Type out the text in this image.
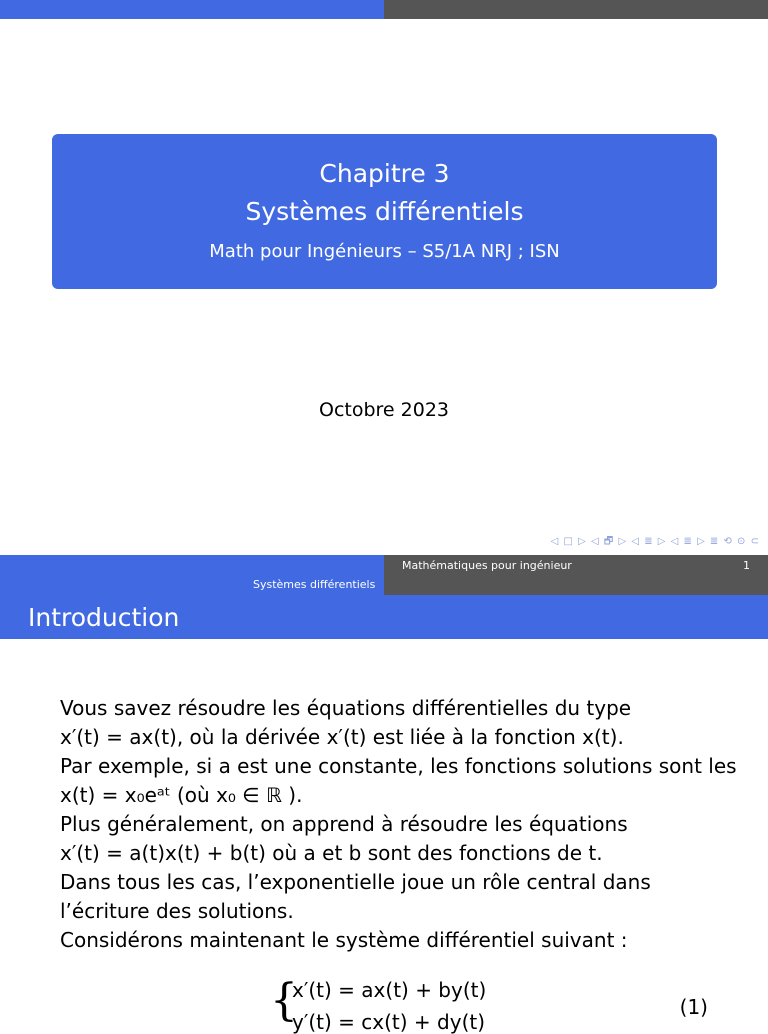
Chapitre 3
Systèmes différentiels
Math pour Ingénieurs – S5/1A NRJ ; ISN
Octobre 2023
◁ □ ▷ ◁ 🗗 ▷ ◁ ≣ ▷ ◁ ≣ ▷ ≣ ⟲ ⊙ ⊂
Mathématiques pour ingénieur	1
Systèmes différentiels
Introduction
Vous savez résoudre les équations différentielles du type
x′(t) = ax(t), où la dérivée x′(t) est liée à la fonction x(t).
Par exemple, si a est une constante, les fonctions solutions sont les
x(t) = x₀eᵃᵗ (où x₀ ∈ ℝ ).
Plus généralement, on apprend à résoudre les équations
x′(t) = a(t)x(t) + b(t) où a et b sont des fonctions de t.
Dans tous les cas, l’exponentielle joue un rôle central dans
l’écriture des solutions.
Considérons maintenant le système différentiel suivant :
{
x′(t) = ax(t) + by(t)
y′(t) = cx(t) + dy(t)
(1)
